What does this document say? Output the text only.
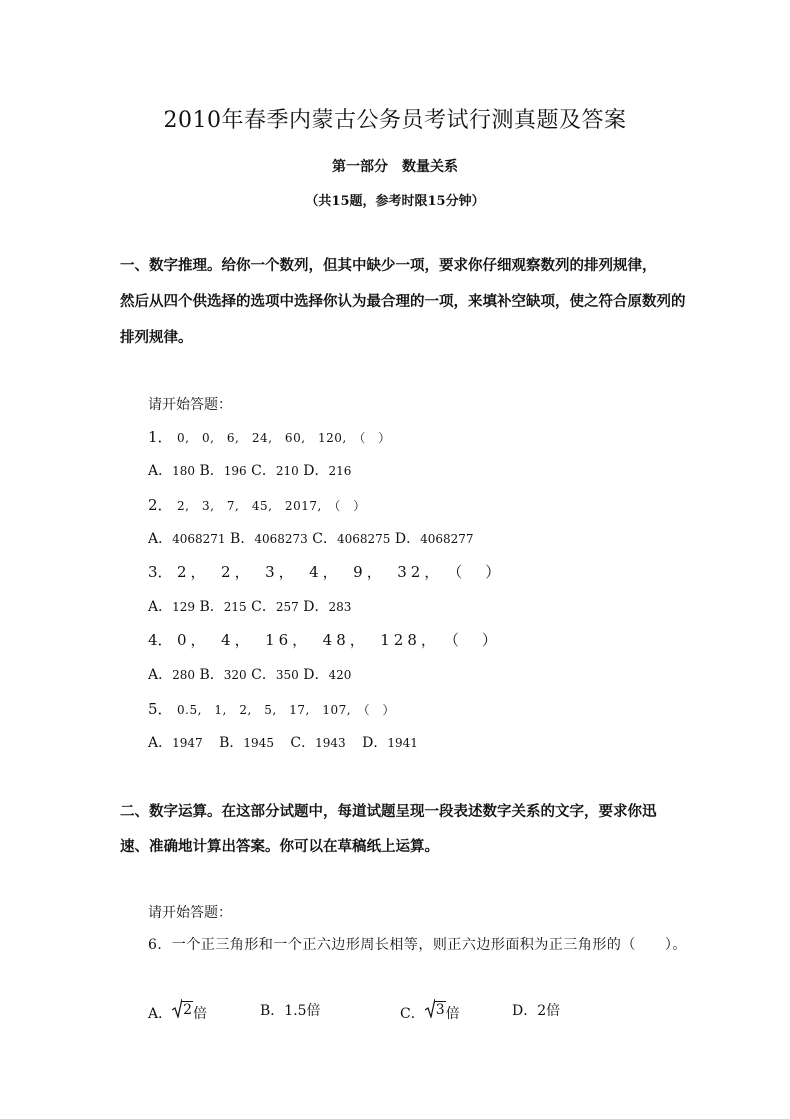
2010年春季内蒙古公务员考试行测真题及答案
第一部分　数量关系
（共15题，参考时限15分钟）
一、数字推理。给你一个数列，但其中缺少一项，要求你仔细观察数列的排列规律，
然后从四个供选择的选项中选择你认为最合理的一项，来填补空缺项，使之符合原数列的
排列规律。
请开始答题：
1． 0,　0,　6,　24,　60,　120,　（　）
A．180 B．196 C．210 D．216
2． 2,　3,　7,　45,　2017,　（　）
A．4068271 B．4068273 C．4068275 D．4068277
3． 2，　2，　3，　4，　9，　32，　（　）
A．129 B．215 C．257 D．283
4． 0，　4，　16，　48，　128，　（　）
A．280 B．320 C．350 D．420
5． 0.5,　1,　2,　5,　17,　107,　（　）
A．1947 B．1945 C．1943 D．1941
二、数字运算。在这部分试题中，每道试题呈现一段表述数字关系的文字，要求你迅
速、准确地计算出答案。你可以在草稿纸上运算。
请开始答题：
6．一个正三角形和一个正六边形周长相等，则正六边形面积为正三角形的（　　）。
A． 2 倍	B．1.5倍	C． 3 倍	D．2倍
